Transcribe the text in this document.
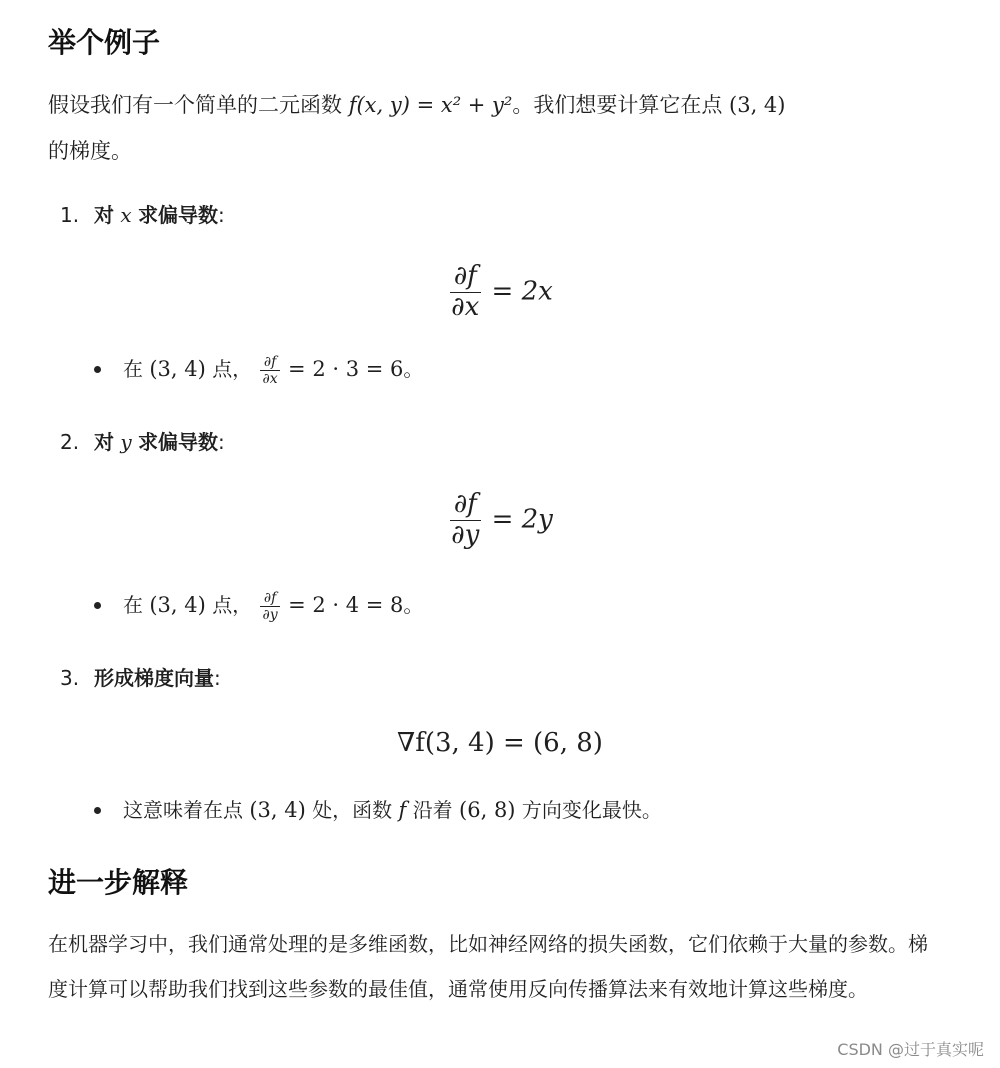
举个例子

假设我们有一个简单的二元函数 f(x, y) = x² + y²。我们想要计算它在点 (3, 4)
的梯度。

1. 对 x 求偏导数:
$\frac{\partial f}{\partial x} = 2x$
在 (3, 4) 点， $\frac{\partial f}{\partial x} = 2 \cdot 3 = 6$。
2. 对 y 求偏导数:
$\frac{\partial f}{\partial y} = 2y$
在 (3, 4) 点， $\frac{\partial f}{\partial y} = 2 \cdot 4 = 8$。
3. 形成梯度向量:
∇f(3, 4) = (6, 8)
这意味着在点 (3, 4) 处，函数 f 沿着 (6, 8) 方向变化最快。
进一步解释

在机器学习中，我们通常处理的是多维函数，比如神经网络的损失函数，它们依赖于大量的参数。梯度计算可以帮助我们找到这些参数的最佳值，通常使用反向传播算法来有效地计算这些梯度。

CSDN @过于真实呢
